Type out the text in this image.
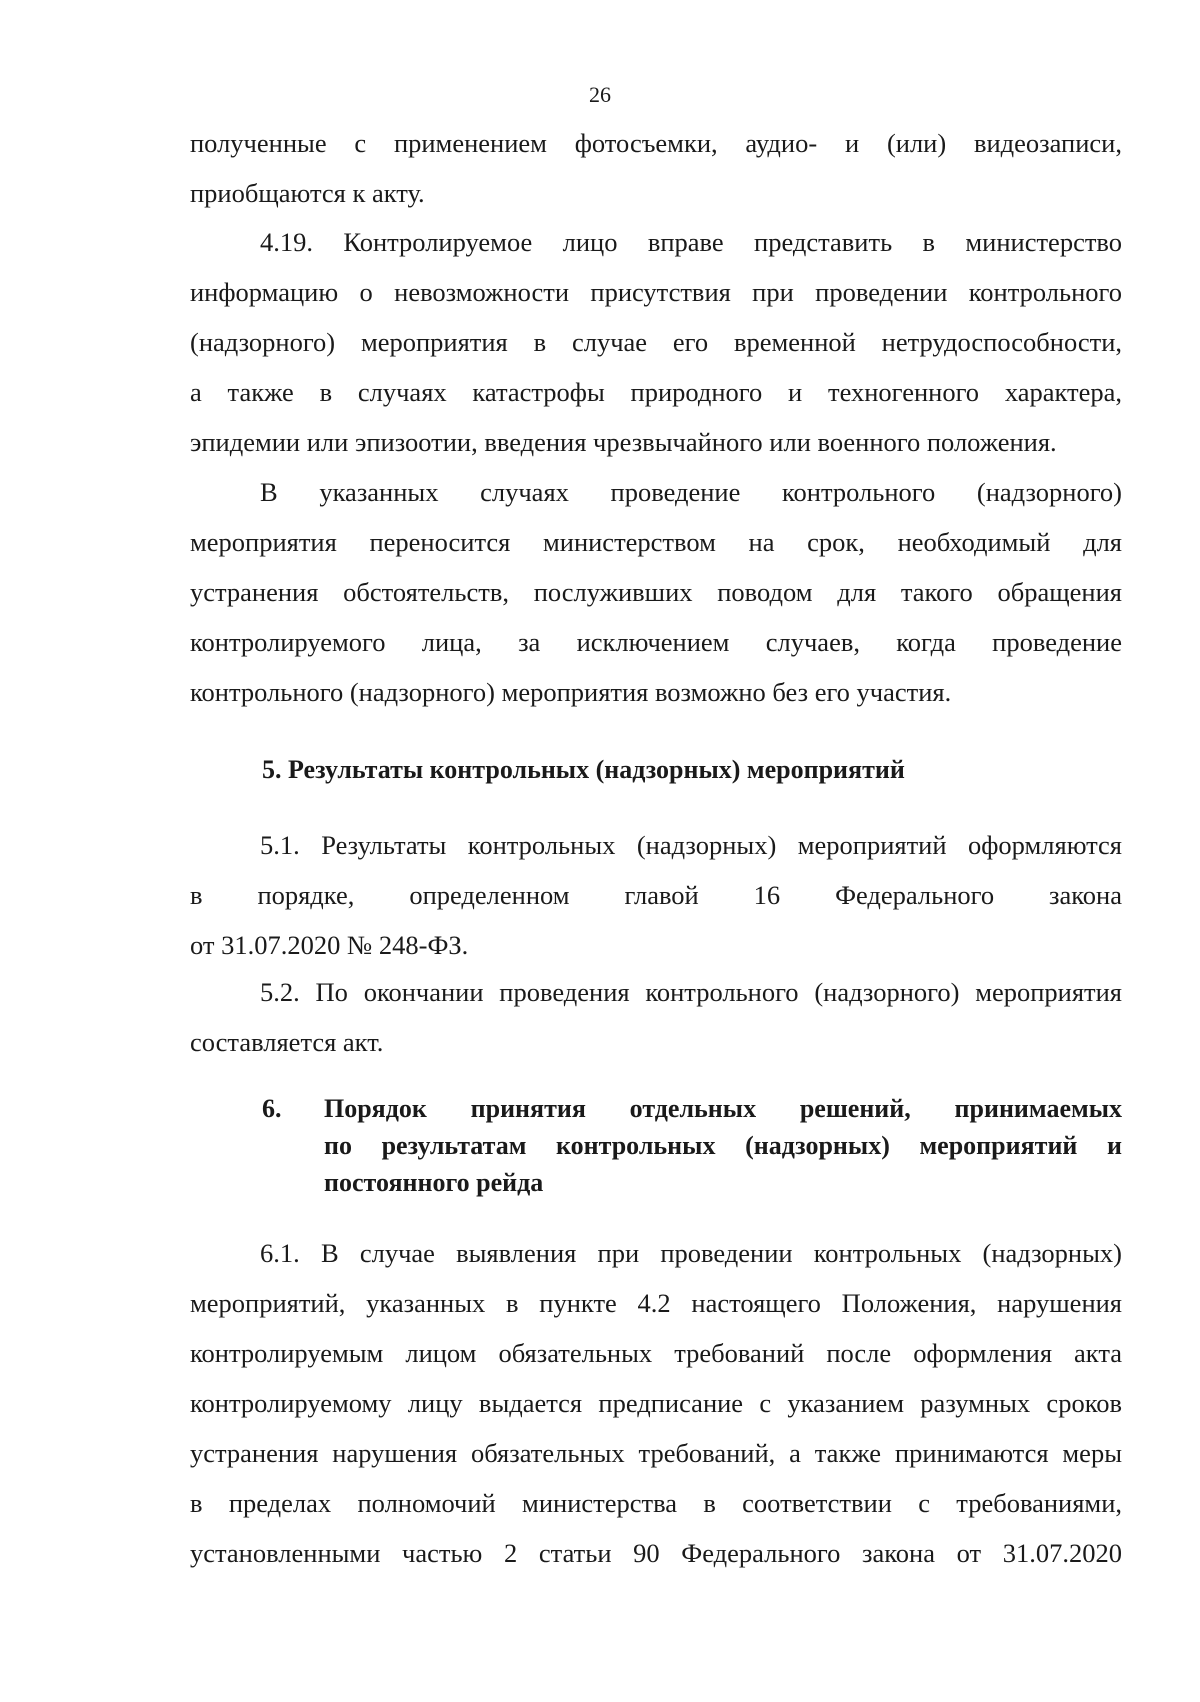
26
полученные с применением фотосъемки, аудио- и (или) видеозаписи,
приобщаются к акту.
4.19. Контролируемое лицо вправе представить в министерство
информацию о невозможности присутствия при проведении контрольного
(надзорного) мероприятия в случае его временной нетрудоспособности,
а также в случаях катастрофы природного и техногенного характера,
эпидемии или эпизоотии, введения чрезвычайного или военного положения.
В указанных случаях проведение контрольного (надзорного)
мероприятия переносится министерством на срок, необходимый для
устранения обстоятельств, послуживших поводом для такого обращения
контролируемого лица, за исключением случаев, когда проведение
контрольного (надзорного) мероприятия возможно без его участия.
5. Результаты контрольных (надзорных) мероприятий
5.1. Результаты контрольных (надзорных) мероприятий оформляются
в порядке, определенном главой 16 Федерального закона
от 31.07.2020 № 248-ФЗ.
5.2. По окончании проведения контрольного (надзорного) мероприятия
составляется акт.
6. Порядок принятия отдельных решений, принимаемых
по результатам контрольных (надзорных) мероприятий и
постоянного рейда
6.1. В случае выявления при проведении контрольных (надзорных)
мероприятий, указанных в пункте 4.2 настоящего Положения, нарушения
контролируемым лицом обязательных требований после оформления акта
контролируемому лицу выдается предписание с указанием разумных сроков
устранения нарушения обязательных требований, а также принимаются меры
в пределах полномочий министерства в соответствии с требованиями,
установленными частью 2 статьи 90 Федерального закона от 31.07.2020
